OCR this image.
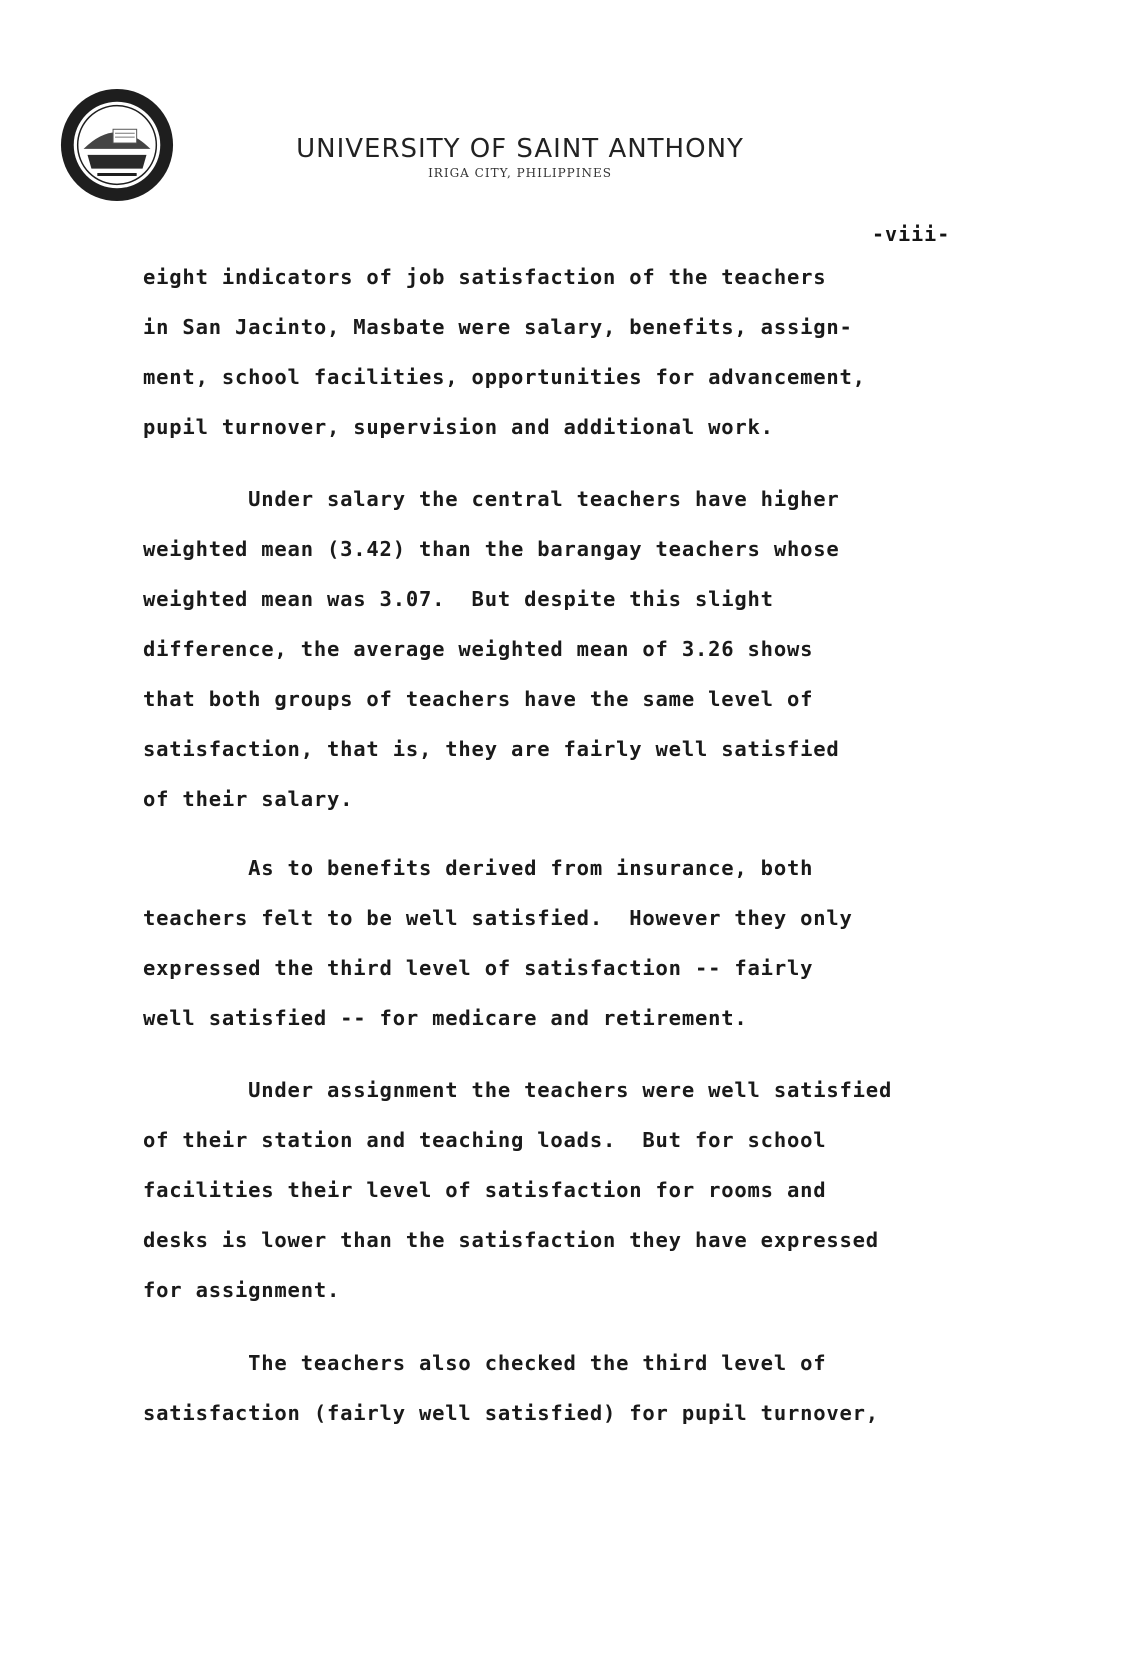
UNIVERSITY OF SAINT ANTHONY
IRIGA CITY, PHILIPPINES
-viii-

eight indicators of job satisfaction of the teachers
in San Jacinto, Masbate were salary, benefits, assign-
ment, school facilities, opportunities for advancement,
pupil turnover, supervision and additional work.

Under salary the central teachers have higher
weighted mean (3.42) than the barangay teachers whose
weighted mean was 3.07.  But despite this slight
difference, the average weighted mean of 3.26 shows
that both groups of teachers have the same level of
satisfaction, that is, they are fairly well satisfied
of their salary.

As to benefits derived from insurance, both
teachers felt to be well satisfied.  However they only
expressed the third level of satisfaction -- fairly
well satisfied -- for medicare and retirement.

Under assignment the teachers were well satisfied
of their station and teaching loads.  But for school
facilities their level of satisfaction for rooms and
desks is lower than the satisfaction they have expressed
for assignment.

The teachers also checked the third level of
satisfaction (fairly well satisfied) for pupil turnover,
